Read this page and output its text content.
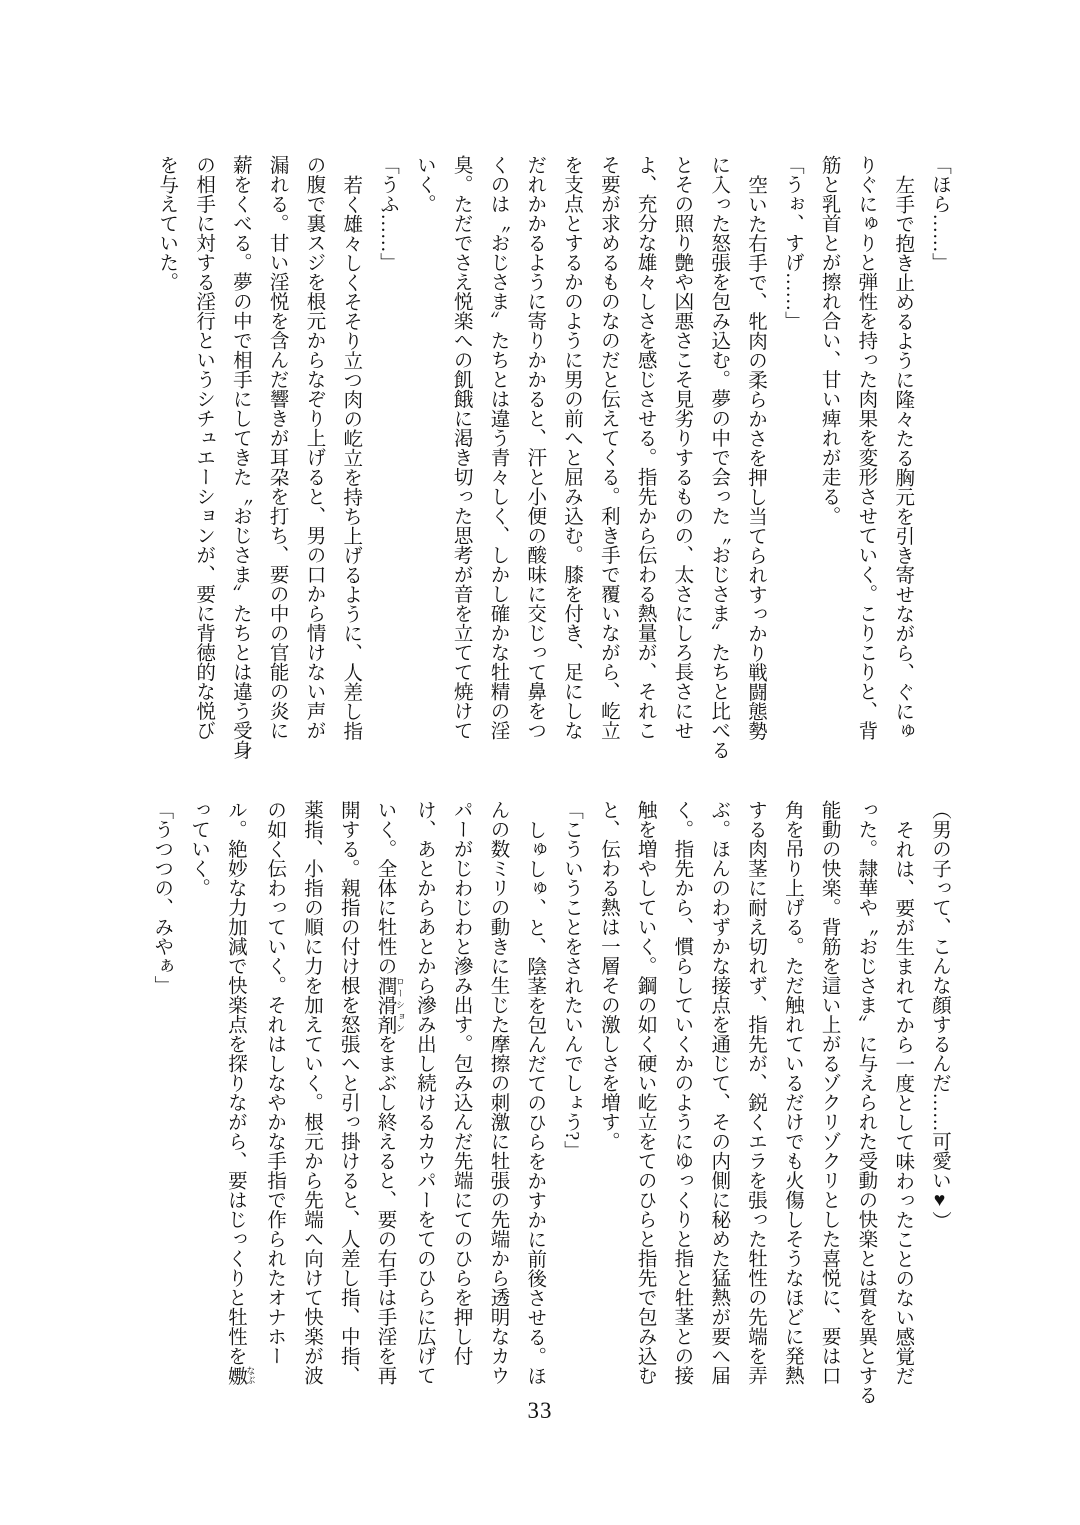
「ほら……」

左手で抱き止めるように隆々たる胸元を引き寄せながら、ぐにゅ

りぐにゅりと弾性を持った肉果を変形させていく。こりこりと、背

筋と乳首とが擦れ合い、甘い痺れが走る。

「うぉ、すげ……」

空いた右手で、牝肉の柔らかさを押し当てられすっかり戦闘態勢

に入った怒張を包み込む。夢の中で会った〝おじさま〟たちと比べる

とその照り艶や凶悪さこそ見劣りするものの、太さにしろ長さにせ

よ、充分な雄々しさを感じさせる。指先から伝わる熱量が、それこ

そ要が求めるものなのだと伝えてくる。利き手で覆いながら、屹立

を支点とするかのように男の前へと屈み込む。膝を付き、足にしな

だれかかるように寄りかかると、汗と小便の酸味に交じって鼻をつ

くのは〝おじさま〟たちとは違う青々しく、しかし確かな牡精の淫

臭。ただでさえ悦楽への飢餓に渇き切った思考が音を立てて焼けて

いく。

「うふ……」

若く雄々しくそそり立つ肉の屹立を持ち上げるように、人差し指

の腹で裏スジを根元からなぞり上げると、男の口から情けない声が

漏れる。甘い淫悦を含んだ響きが耳朶を打ち、要の中の官能の炎に

薪をくべる。夢の中で相手にしてきた〝おじさま〟たちとは違う受身

の相手に対する淫行というシチュエーションが、要に背徳的な悦び

を与えていた。

（男の子って、こんな顔するんだ……可愛い♥）

それは、要が生まれてから一度として味わったことのない感覚だ

った。隷華や〝おじさま〟に与えられた受動の快楽とは質を異とする

能動の快楽。背筋を這い上がるゾクリゾクリとした喜悦に、要は口

角を吊り上げる。ただ触れているだけでも火傷しそうなほどに発熱

する肉茎に耐え切れず、指先が、鋭くエラを張った牡性の先端を弄

ぶ。ほんのわずかな接点を通じて、その内側に秘めた猛熱が要へ届

く。指先から、慣らしていくかのようにゆっくりと指と牡茎との接

触を増やしていく。鋼の如く硬い屹立をてのひらと指先で包み込む

と、伝わる熱は一層その激しさを増す。

「こういうことをされたいんでしょう?」

しゅしゅ、と、陰茎を包んだてのひらをかすかに前後させる。ほ

んの数ミリの動きに生じた摩擦の刺激に牡張の先端から透明なカウ

パーがじわじわと滲み出す。包み込んだ先端にてのひらを押し付

け、あとからあとから滲み出し続けるカウパーをてのひらに広げて

いく。全体に牡性の潤滑剤 ローションをまぶし終えると、要の右手は手淫を再

開する。親指の付け根を怒張へと引っ掛けると、人差し指、中指、

薬指、小指の順に力を加えていく。根元から先端へ向けて快楽が波

の如く伝わっていく。それはしなやかな手指で作られたオナホー

ル。絶妙な力加減で快楽点を探りながら、要はじっくりと牡性を嫐 なぶ

っていく。

「うつつの、みやぁ」

33
